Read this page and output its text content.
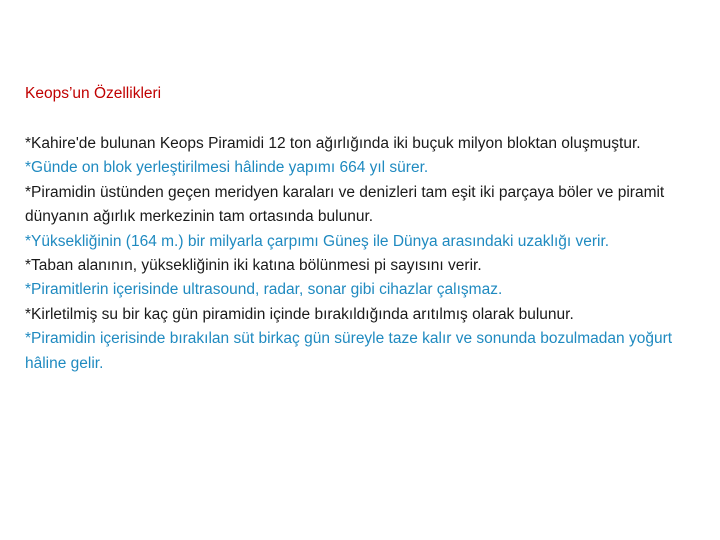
Keops’un Özellikleri

*Kahire'de bulunan Keops Piramidi 12 ton ağırlığında iki buçuk milyon bloktan oluşmuştur.

*Günde on blok yerleştirilmesi hâlinde yapımı 664 yıl sürer.

*Piramidin üstünden geçen meridyen karaları ve denizleri tam eşit iki parçaya böler ve piramit dünyanın ağırlık merkezinin tam ortasında bulunur.

*Yüksekliğinin (164 m.) bir milyarla çarpımı Güneş ile Dünya arasındaki uzaklığı verir.

*Taban alanının, yüksekliğinin iki katına bölünmesi pi sayısını verir.

*Piramitlerin içerisinde ultrasound, radar, sonar gibi cihazlar çalışmaz.

*Kirletilmiş su bir kaç gün piramidin içinde bırakıldığında arıtılmış olarak bulunur.

*Piramidin içerisinde bırakılan süt birkaç gün süreyle taze kalır ve sonunda bozulmadan yoğurt hâline gelir.
